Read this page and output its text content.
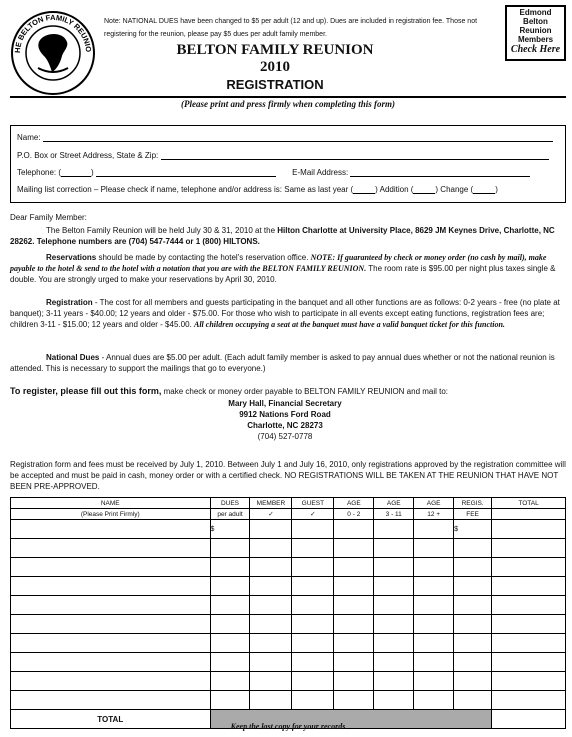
HE BELTON FAMILY REUNIO
Note: NATIONAL DUES have been changed to $5 per adult (12 and up). Dues are included in registration fee. Those not registering for the reunion, please pay $5 dues per adult family member.
BELTON FAMILY REUNION
2010
REGISTRATION
Edmond
Belton
Reunion
Members
Check Here
(Please print and press firmly when completing this form)
Name:
P.O. Box or Street Address, State & Zip:
Telephone: (	)	E-Mail Address:
Mailing list correction – Please check if name, telephone and/or address is: Same as last year (	) Addition (	) Change (	)
Dear Family Member:
The Belton Family Reunion will be held July 30 & 31, 2010 at the Hilton Charlotte at University Place, 8629 JM Keynes Drive, Charlotte, NC 28262. Telephone numbers are (704) 547-7444 or 1 (800) HILTONS.
Reservations should be made by contacting the hotel's reservation office. NOTE: If guaranteed by check or money order (no cash by mail), make payable to the hotel & send to the hotel with a notation that you are with the BELTON FAMILY REUNION. The room rate is $95.00 per night plus taxes single & double. You are strongly urged to make your reservations by April 30, 2010.
Registration - The cost for all members and guests participating in the banquet and all other functions are as follows: 0-2 years - free (no plate at banquet); 3-11 years - $40.00; 12 years and older - $75.00. For those who wish to participate in all events except eating functions, registration fees are; children 3-11 - $15.00; 12 years and older - $45.00. All children occupying a seat at the banquet must have a valid banquet ticket for this function.
National Dues - Annual dues are $5.00 per adult. (Each adult family member is asked to pay annual dues whether or not the national reunion is attended. This is necessary to support the mailings that go to everyone.)
To register, please fill out this form, make check or money order payable to BELTON FAMILY REUNION and mail to:
Mary Hall, Financial Secretary
9912 Nations Ford Road
Charlotte, NC 28273
(704) 527-0778
Registration form and fees must be received by July 1, 2010. Between July 1 and July 16, 2010, only registrations approved by the registration committee will be accepted and must be paid in cash, money order or with a certified check. NO REGISTRATIONS WILL BE TAKEN AT THE REUNION THAT HAVE NOT BEEN PRE-APPROVED.
NAME	DUES	MEMBER	GUEST	AGE	AGE	AGE	REGIS.	TOTAL
(Please Print Firmly)	per adult	✓	✓	0 - 2	3 - 11	12 +	FEE	
	$						$	

TOTAL								
Keep the last copy for your records
